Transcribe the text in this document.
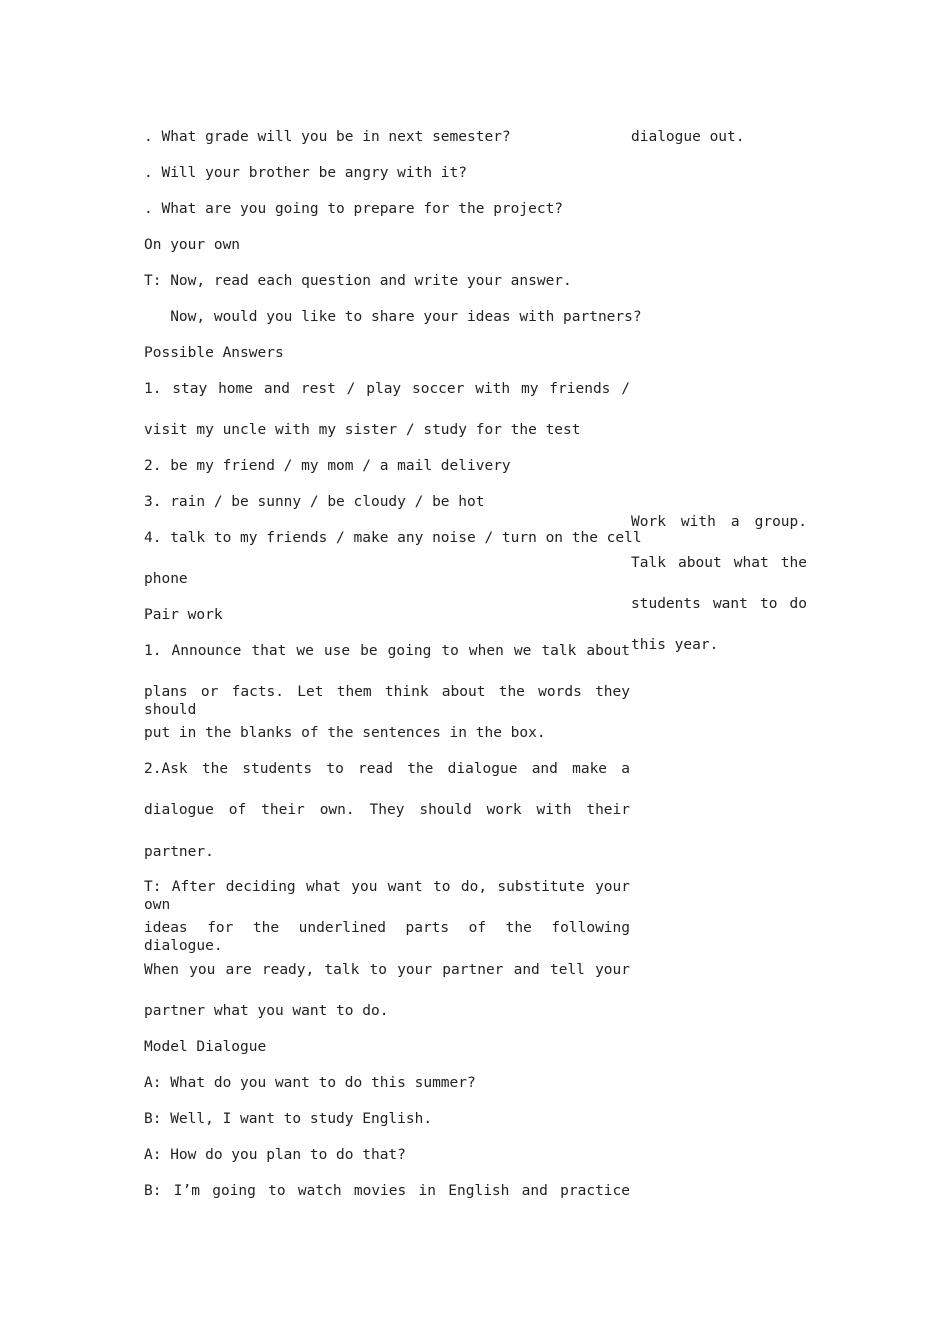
. What grade will you be in next semester?
. Will your brother be angry with it?
. What are you going to prepare for the project?
On your own
T: Now, read each question and write your answer.
Now, would you like to share your ideas with partners?
Possible Answers
1. stay home and rest / play soccer with my friends /
visit my uncle with my sister / study for the test
2. be my friend / my mom / a mail delivery
3. rain / be sunny / be cloudy / be hot
4. talk to my friends / make any noise / turn on the cell
phone
Pair work
1. Announce that we use be going to when we talk about
plans or facts. Let them think about the words they should
put in the blanks of the sentences in the box.
2.Ask the students to read the dialogue and make a
dialogue of their own. They should work with their
partner.
T: After deciding what you want to do, substitute your own
ideas for the underlined parts of the following dialogue.
When you are ready, talk to your partner and tell your
partner what you want to do.
Model Dialogue
A: What do you want to do this summer?
B: Well, I want to study English.
A: How do you plan to do that?
B: I’m going to watch movies in English and practice
dialogue out.
Work with a group.
Talk about what the
students want to do
this year.
